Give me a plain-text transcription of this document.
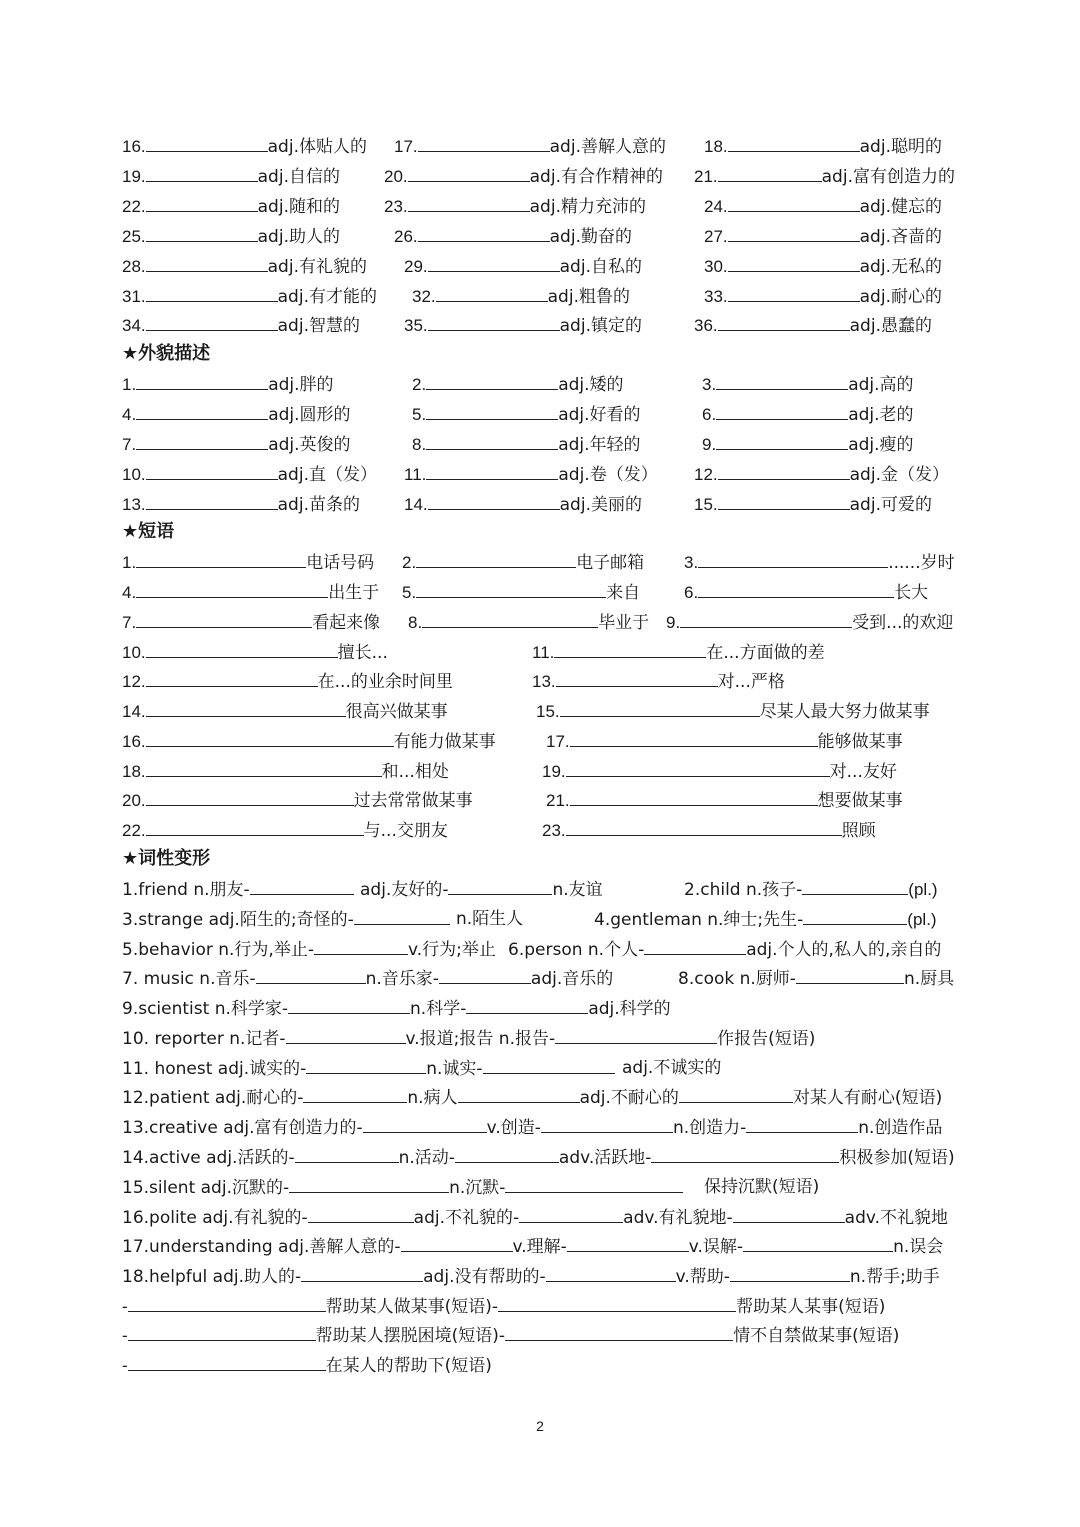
16.	adj.体贴人的 17.	adj.善解人意的 18.	adj.聪明的
19.	adj.自信的	20.	adj.有合作精神的 21.	adj.富有创造力的
22.	adj.随和的	23.	adj.精力充沛的	24.	adj.健忘的
25.	adj.助人的	26.	adj.勤奋的	27.	adj.吝啬的
28.	adj.有礼貌的 29.	adj.自私的	30.	adj.无私的
31.	adj.有才能的 32.	adj.粗鲁的	33.	adj.耐心的
34.	adj.智慧的	35.	adj.镇定的	36.	adj.愚蠢的
★外貌描述
1.	adj.胖的	2.	adj.矮的	3.	adj.高的
4.	adj.圆形的	5.	adj.好看的	6.	adj.老的
7.	adj.英俊的	8.	adj.年轻的	9.	adj.瘦的
10.	adj.直（发） 11.	adj.卷（发） 12.	adj.金（发）
13.	adj.苗条的	14.	adj.美丽的	15.	adj.可爱的
★短语
1.	电话号码 2.	电子邮箱 3.	......岁时
4.	出生于 5.	来自	6.	长大
7.	看起来像 8.	毕业于 9.	受到...的欢迎
10.	擅长...	11.	在...方面做的差
12.	在...的业余时间里	13.	对...严格
14.	很高兴做某事	15.	尽某人最大努力做某事
16.	有能力做某事	17.	能够做某事
18.	和...相处	19.	对...友好
20.	过去常常做某事	21.	想要做某事
22.	与...交朋友	23.	照顾
★词性变形
1.friend n.朋友-	adj.友好的-	n.友谊	2.child n.孩子-	(pl.)
3.strange adj.陌生的;奇怪的-	n.陌生人	4.gentleman n.绅士;先生-	(pl.)
5.behavior n.行为,举止-	v.行为;举止 6.person n.个人-	adj.个人的,私人的,亲自的
7. music n.音乐-	n.音乐家-	adj.音乐的	8.cook n.厨师-	n.厨具
9.scientist n.科学家-	n.科学-	adj.科学的
10. reporter n.记者-	v.报道;报告 n.报告-	作报告(短语)
11. honest adj.诚实的-	n.诚实-	adj.不诚实的
12.patient adj.耐心的-	n.病人	adj.不耐心的	对某人有耐心(短语)
13.creative adj.富有创造力的-	v.创造-	n.创造力-	n.创造作品
14.active adj.活跃的-	n.活动-	adv.活跃地-	积极参加(短语)
15.silent adj.沉默的-	n.沉默-	保持沉默(短语)
16.polite adj.有礼貌的-	adj.不礼貌的-	adv.有礼貌地-	adv.不礼貌地
17.understanding adj.善解人意的-	v.理解-	v.误解-	n.误会
18.helpful adj.助人的-	adj.没有帮助的-	v.帮助-	n.帮手;助手
-	帮助某人做某事(短语)-	帮助某人某事(短语)
-	帮助某人摆脱困境(短语)-	情不自禁做某事(短语)
-	在某人的帮助下(短语)
2
